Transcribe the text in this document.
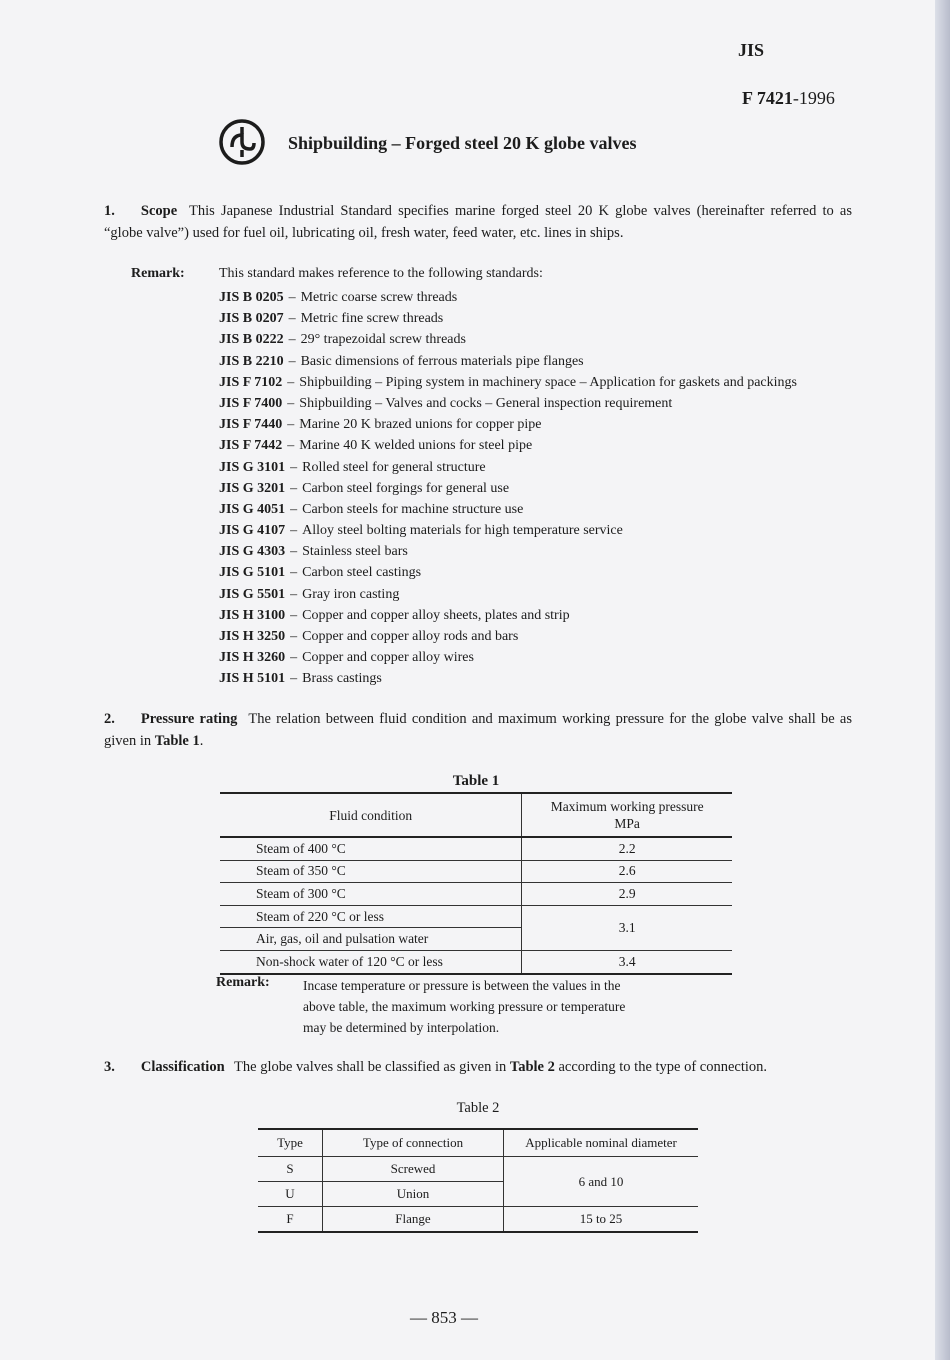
JIS
F 7421-1996
Shipbuilding – Forged steel 20 K globe valves
1. Scope This Japanese Industrial Standard specifies marine forged steel 20 K globe valves (hereinafter referred to as “globe valve”) used for fuel oil, lubricating oil, fresh water, feed water, etc. lines in ships.
Remark: This standard makes reference to the following standards:
JIS B 0205 – Metric coarse screw threads
JIS B 0207 – Metric fine screw threads
JIS B 0222 – 29° trapezoidal screw threads
JIS B 2210 – Basic dimensions of ferrous materials pipe flanges
JIS F 7102 – Shipbuilding – Piping system in machinery space – Application for gaskets and packings
JIS F 7400 – Shipbuilding – Valves and cocks – General inspection requirement
JIS F 7440 – Marine 20 K brazed unions for copper pipe
JIS F 7442 – Marine 40 K welded unions for steel pipe
JIS G 3101 – Rolled steel for general structure
JIS G 3201 – Carbon steel forgings for general use
JIS G 4051 – Carbon steels for machine structure use
JIS G 4107 – Alloy steel bolting materials for high temperature service
JIS G 4303 – Stainless steel bars
JIS G 5101 – Carbon steel castings
JIS G 5501 – Gray iron casting
JIS H 3100 – Copper and copper alloy sheets, plates and strip
JIS H 3250 – Copper and copper alloy rods and bars
JIS H 3260 – Copper and copper alloy wires
JIS H 5101 – Brass castings
2. Pressure rating The relation between fluid condition and maximum working pressure for the globe valve shall be as given in Table 1.
Table 1
Fluid condition	Maximum working pressure
MPa

Steam of 400 °C	2.2
Steam of 350 °C	2.6
Steam of 300 °C	2.9
Steam of 220 °C or less	3.1
Air, gas, oil and pulsation water	
Non-shock water of 120 °C or less	3.4
Remark: Incase temperature or pressure is between the values in the above table, the maximum working pressure or temperature may be determined by interpolation.
3. Classification The globe valves shall be classified as given in Table 2 according to the type of connection.
Table 2
Type	Type of connection	Applicable nominal diameter
S	Screwed	6 and 10
U	Union	
F	Flange	15 to 25
— 853 —
